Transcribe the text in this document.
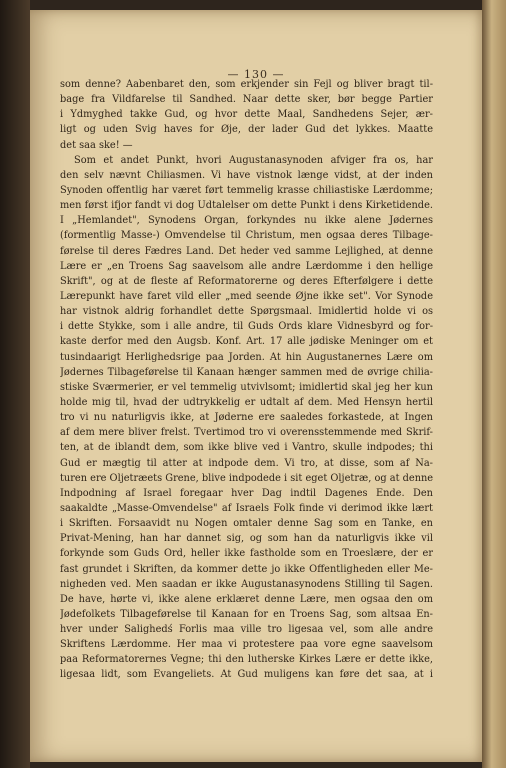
— 130 —
som denne? Aabenbaret den, som erkjender sin Fejl og bliver bragt til-
bage fra Vildfarelse til Sandhed. Naar dette sker, bør begge Partier
i Ydmyghed takke Gud, og hvor dette Maal, Sandhedens Sejer, ær-
ligt og uden Svig haves for Øje, der lader Gud det lykkes. Maatte
det saa ske! —
Som et andet Punkt, hvori Augustanasynoden afviger fra os, har
den selv nævnt Chiliasmen. Vi have vistnok længe vidst, at der inden
Synoden offentlig har været ført temmelig krasse chiliastiske Lærdomme;
men først ifjor fandt vi dog Udtalelser om dette Punkt i dens Kirketidende.
I „Hemlandet", Synodens Organ, forkyndes nu ikke alene Jødernes
(formentlig Masse-) Omvendelse til Christum, men ogsaa deres Tilbage-
førelse til deres Fædres Land. Det heder ved samme Lejlighed, at denne
Lære er „en Troens Sag saavelsom alle andre Lærdomme i den hellige
Skrift", og at de fleste af Reformatorerne og deres Efterfølgere i dette
Lærepunkt have faret vild eller „med seende Øjne ikke set". Vor Synode
har vistnok aldrig forhandlet dette Spørgsmaal. Imidlertid holde vi os
i dette Stykke, som i alle andre, til Guds Ords klare Vidnesbyrd og for-
kaste derfor med den Augsb. Konf. Art. 17 alle jødiske Meninger om et
tusindaarigt Herlighedsrige paa Jorden. At hin Augustanernes Lære om
Jødernes Tilbageførelse til Kanaan hænger sammen med de øvrige chilia-
stiske Sværmerier, er vel temmelig utvivlsomt; imidlertid skal jeg her kun
holde mig til, hvad der udtrykkelig er udtalt af dem. Med Hensyn hertil
tro vi nu naturligvis ikke, at Jøderne ere saaledes forkastede, at Ingen
af dem mere bliver frelst. Tvertimod tro vi overensstemmende med Skrif-
ten, at de iblandt dem, som ikke blive ved i Vantro, skulle indpodes; thi
Gud er mægtig til atter at indpode dem. Vi tro, at disse, som af Na-
turen ere Oljetræets Grene, blive indpodede i sit eget Oljetræ, og at denne
Indpodning af Israel foregaar hver Dag indtil Dagenes Ende. Den
saakaldte „Masse-Omvendelse" af Israels Folk finde vi derimod ikke lært
i Skriften. Forsaavidt nu Nogen omtaler denne Sag som en Tanke, en
Privat-Mening, han har dannet sig, og som han da naturligvis ikke vil
forkynde som Guds Ord, heller ikke fastholde som en Troeslære, der er
fast grundet i Skriften, da kommer dette jo ikke Offentligheden eller Me-
nigheden ved. Men saadan er ikke Augustanasynodens Stilling til Sagen.
De have, hørte vi, ikke alene erklæret denne Lære, men ogsaa den om
Jødefolkets Tilbageførelse til Kanaan for en Troens Sag, som altsaa En-
hver under Salighedś Forlis maa ville tro ligesaa vel, som alle andre
Skriftens Lærdomme. Her maa vi protestere paa vore egne saavelsom
paa Reformatorernes Vegne; thi den lutherske Kirkes Lære er dette ikke,
ligesaa lidt, som Evangeliets. At Gud muligens kan føre det saa, at i
